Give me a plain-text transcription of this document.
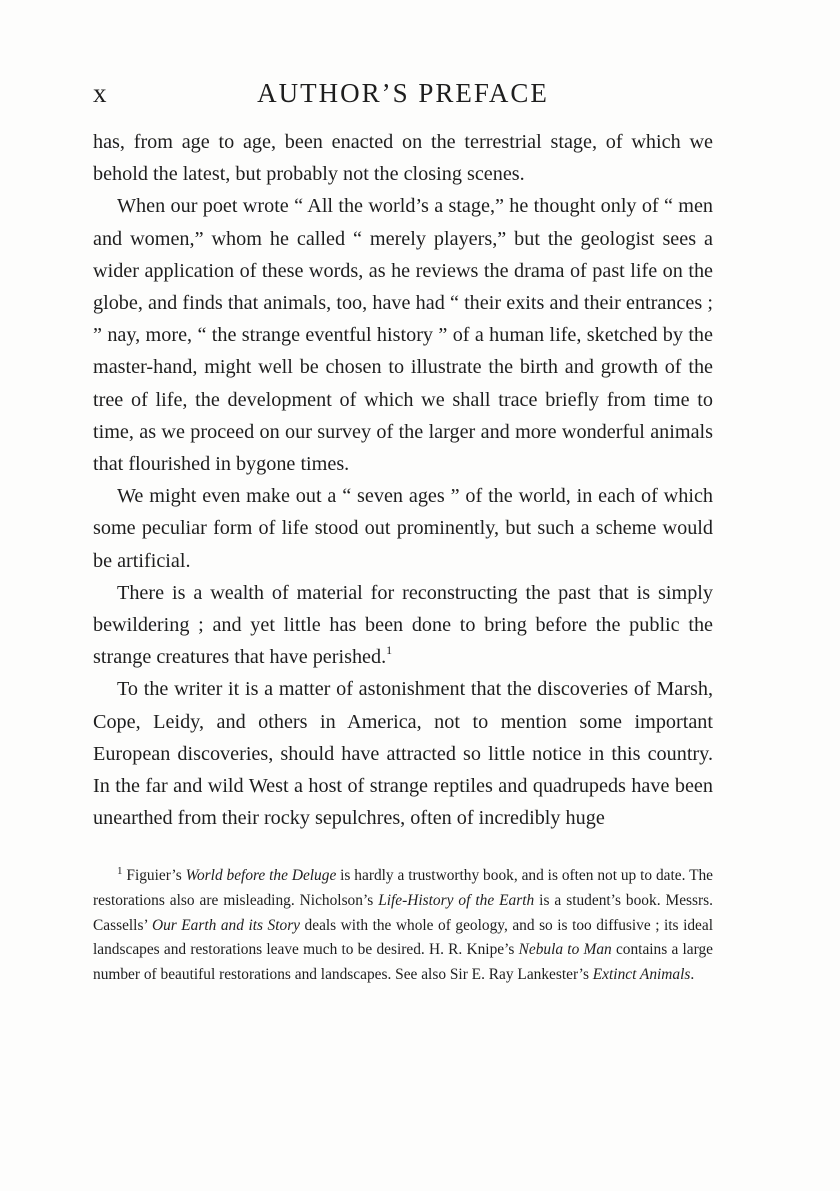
x	AUTHOR’S PREFACE

has, from age to age, been enacted on the terrestrial stage, of which we behold the latest, but probably not the closing scenes.

When our poet wrote “ All the world’s a stage,” he thought only of “ men and women,” whom he called “ merely players,” but the geologist sees a wider application of these words, as he reviews the drama of past life on the globe, and finds that animals, too, have had “ their exits and their entrances ; ” nay, more, “ the strange eventful history ” of a human life, sketched by the master-hand, might well be chosen to illustrate the birth and growth of the tree of life, the development of which we shall trace briefly from time to time, as we proceed on our survey of the larger and more wonderful animals that flourished in bygone times.

We might even make out a “ seven ages ” of the world, in each of which some peculiar form of life stood out prominently, but such a scheme would be artificial.

There is a wealth of material for reconstructing the past that is simply bewildering ; and yet little has been done to bring before the public the strange creatures that have perished.$^1$

To the writer it is a matter of astonishment that the discoveries of Marsh, Cope, Leidy, and others in America, not to mention some important European discoveries, should have attracted so little notice in this country. In the far and wild West a host of strange reptiles and quadrupeds have been unearthed from their rocky sepulchres, often of incredibly huge

$^1$ Figuier’s World before the Deluge is hardly a trustworthy book, and is often not up to date. The restorations also are misleading. Nicholson’s Life-History of the Earth is a student’s book. Messrs. Cassells’ Our Earth and its Story deals with the whole of geology, and so is too diffusive ; its ideal landscapes and restorations leave much to be desired. H. R. Knipe’s Nebula to Man contains a large number of beautiful restorations and landscapes. See also Sir E. Ray Lankester’s Extinct Animals.
